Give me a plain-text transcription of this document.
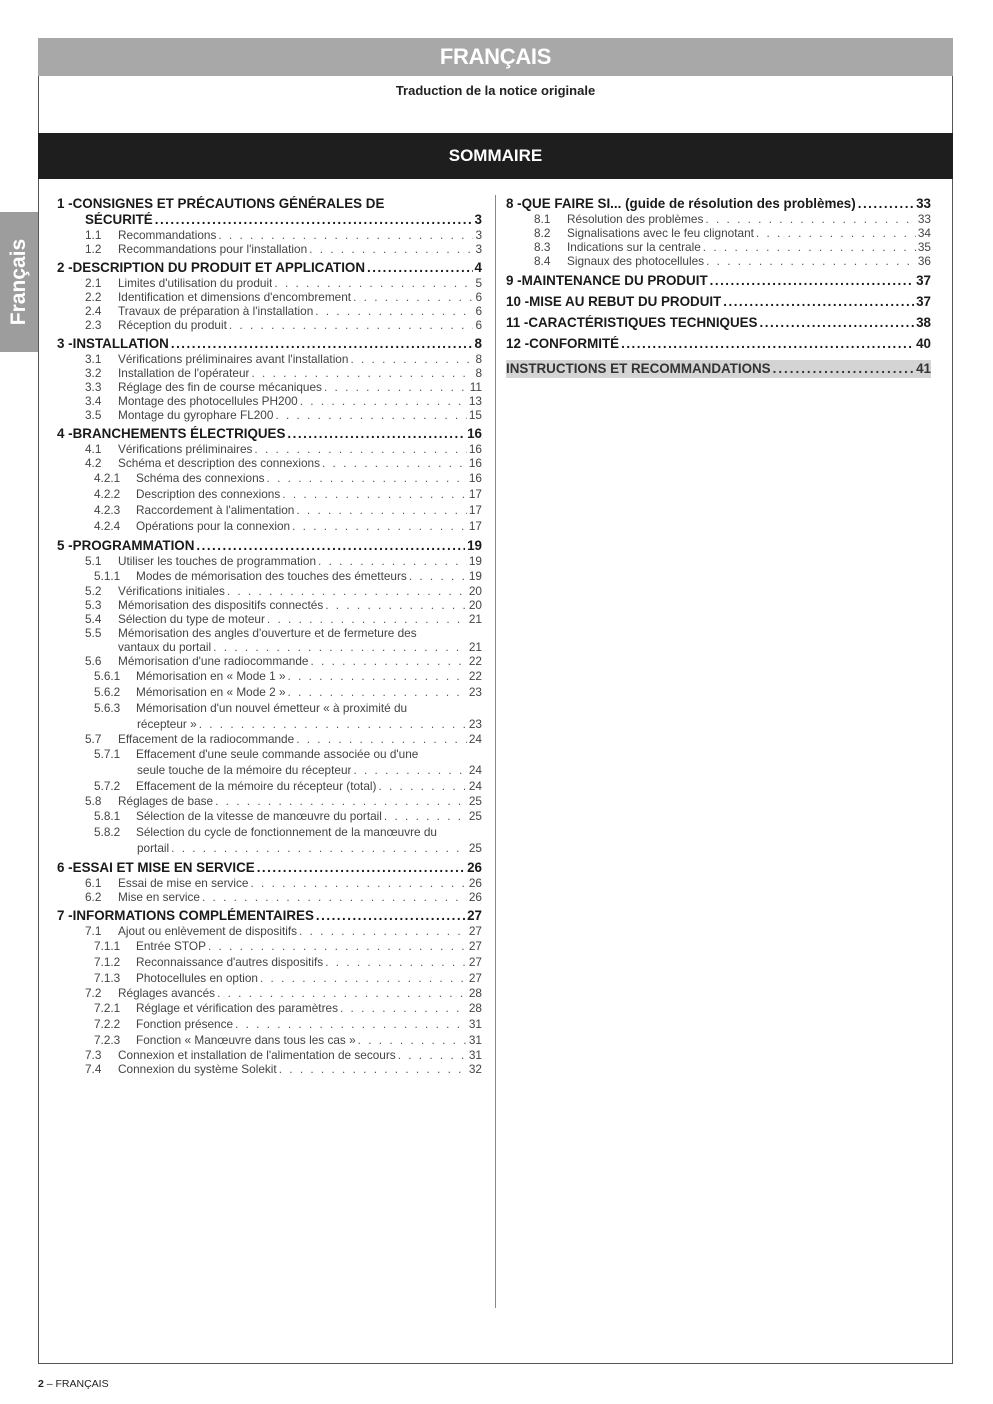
FRANÇAIS
Traduction de la notice originale
SOMMAIRE
Français
1 - CONSIGNES ET PRÉCAUTIONS GÉNÉRALES DE
SÉCURITÉ .....	3
1.1	Recommandations . . .	3
1.2	Recommandations pour l'installation . . .	3
2 - DESCRIPTION DU PRODUIT ET APPLICATION .....	4
2.1	Limites d'utilisation du produit . . .	5
2.2	Identification et dimensions d'encombrement . . .	6
2.4	Travaux de préparation à l'installation . . .	6
2.3	Réception du produit . . .	6
3 - INSTALLATION .....	8
3.1	Vérifications préliminaires avant l'installation . . .	8
3.2	Installation de l'opérateur . . .	8
3.3	Réglage des fin de course mécaniques . . .	11
3.4	Montage des photocellules PH200 . . .	13
3.5	Montage du gyrophare FL200 . . .	15
4 - BRANCHEMENTS ÉLECTRIQUES .....	16
4.1	Vérifications préliminaires . . .	16
4.2	Schéma et description des connexions . . .	16
4.2.1	Schéma des connexions . . .	16
4.2.2	Description des connexions . . .	17
4.2.3	Raccordement à l'alimentation . . .	17
4.2.4	Opérations pour la connexion . . .	17
5 - PROGRAMMATION .....	19
5.1	Utiliser les touches de programmation . . .	19
5.1.1	Modes de mémorisation des touches des émetteurs . . .	19
5.2	Vérifications initiales . . .	20
5.3	Mémorisation des dispositifs connectés . . .	20
5.4	Sélection du type de moteur . . .	21
5.5	Mémorisation des angles d'ouverture et de fermeture des
vantaux du portail . . .	21
5.6	Mémorisation d'une radiocommande . . .	22
5.6.1	Mémorisation en « Mode 1 » . . .	22
5.6.2	Mémorisation en « Mode 2 » . . .	23
5.6.3	Mémorisation d'un nouvel émetteur « à proximité du
récepteur » . . .	23
5.7	Effacement de la radiocommande . . .	24
5.7.1	Effacement d'une seule commande associée ou d'une
seule touche de la mémoire du récepteur . . .	24
5.7.2	Effacement de la mémoire du récepteur (total) . . .	24
5.8	Réglages de base . . .	25
5.8.1	Sélection de la vitesse de manœuvre du portail . . .	25
5.8.2	Sélection du cycle de fonctionnement de la manœuvre du
portail . . .	25
6 - ESSAI ET MISE EN SERVICE .....	26
6.1	Essai de mise en service . . .	26
6.2	Mise en service . . .	26
7 - INFORMATIONS COMPLÉMENTAIRES .....	27
7.1	Ajout ou enlèvement de dispositifs . . .	27
7.1.1	Entrée STOP . . .	27
7.1.2	Reconnaissance d'autres dispositifs . . .	27
7.1.3	Photocellules en option . . .	27
7.2	Réglages avancés . . .	28
7.2.1	Réglage et vérification des paramètres . . .	28
7.2.2	Fonction présence . . .	31
7.2.3	Fonction « Manœuvre dans tous les cas » . . .	31
7.3	Connexion et installation de l'alimentation de secours . . .	31
7.4	Connexion du système Solekit . . .	32
8 - QUE FAIRE SI... (guide de résolution des problèmes) .....	33
8.1	Résolution des problèmes . . .	33
8.2	Signalisations avec le feu clignotant . . .	34
8.3	Indications sur la centrale . . .	35
8.4	Signaux des photocellules . . .	36
9 - MAINTENANCE DU PRODUIT .....	37
10 - MISE AU REBUT DU PRODUIT .....	37
11 - CARACTÉRISTIQUES TECHNIQUES .....	38
12 - CONFORMITÉ .....	40
INSTRUCTIONS ET RECOMMANDATIONS .....	41
2 – FRANÇAIS
